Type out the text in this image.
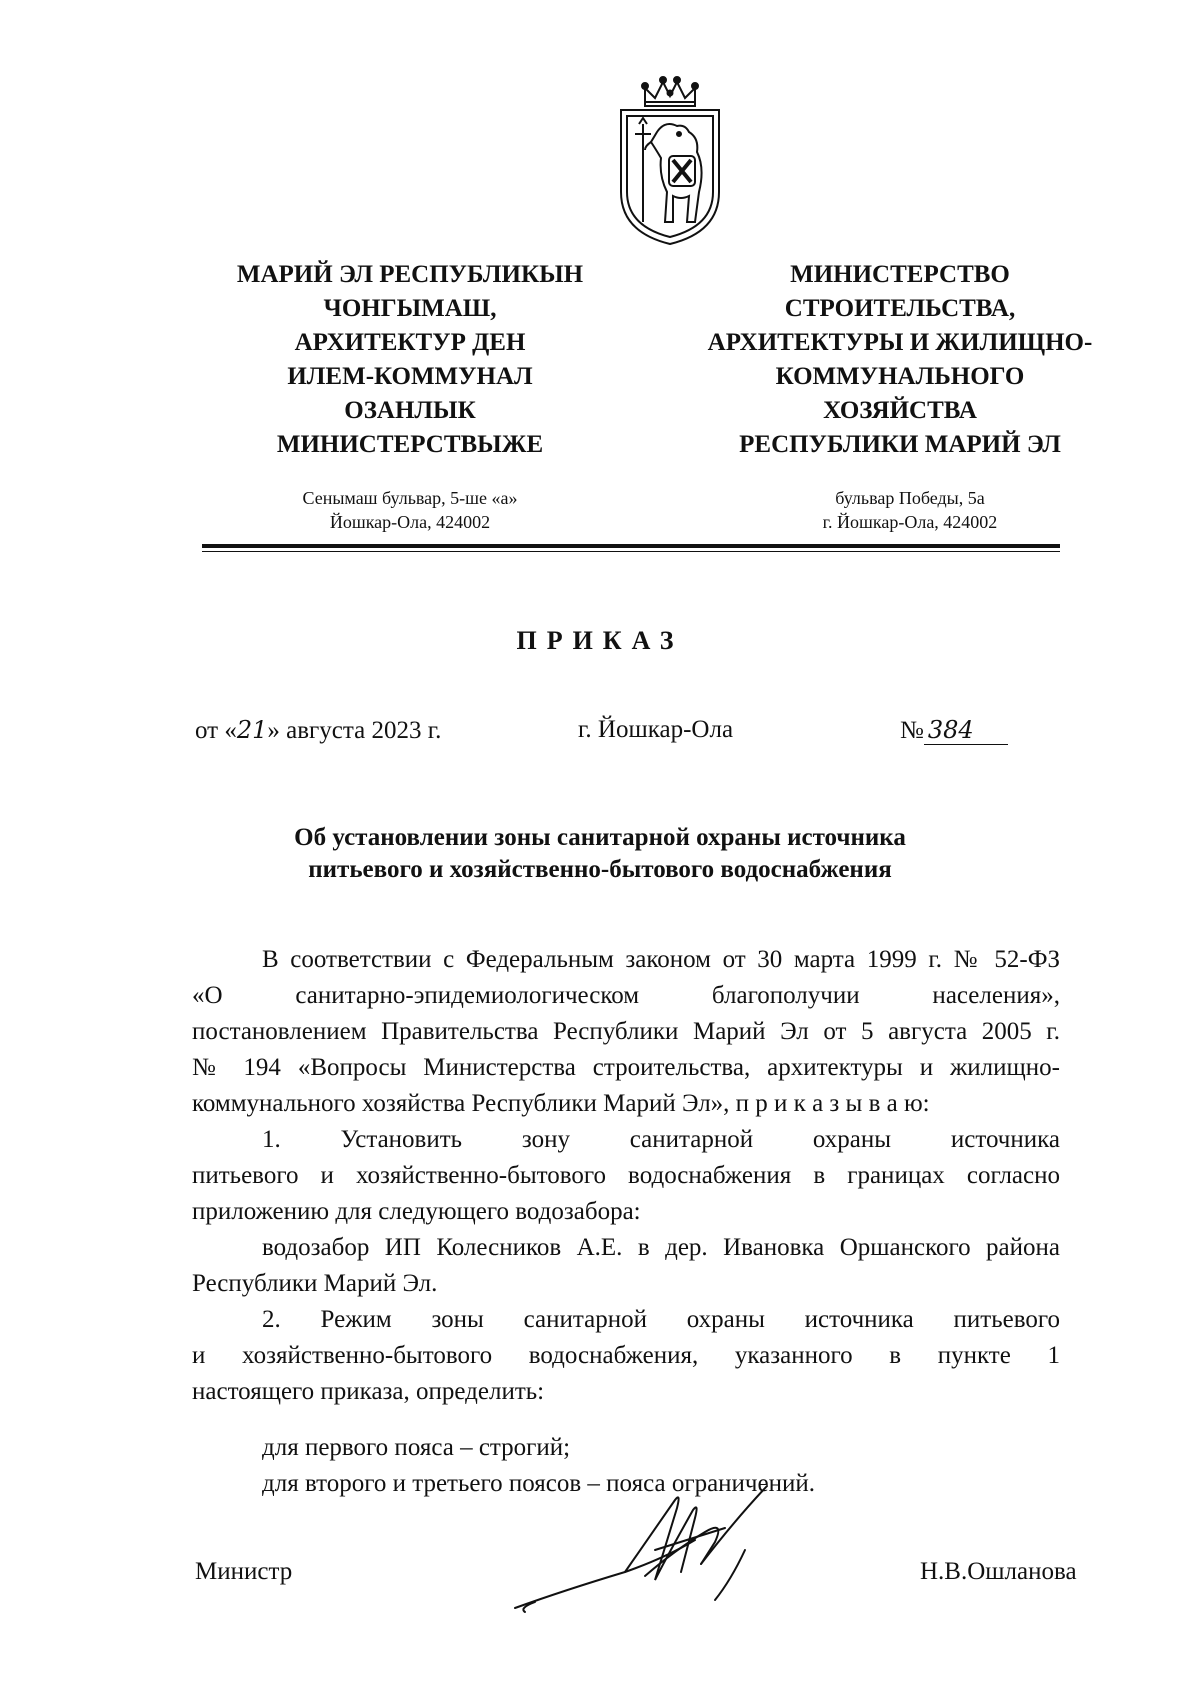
МАРИЙ ЭЛ РЕСПУБЛИКЫН
ЧОНГЫМАШ,
АРХИТЕКТУР ДЕН
ИЛЕМ-КОММУНАЛ
ОЗАНЛЫК
МИНИСТЕРСТВЫЖЕ
МИНИСТЕРСТВО
СТРОИТЕЛЬСТВА,
АРХИТЕКТУРЫ И ЖИЛИЩНО-
КОММУНАЛЬНОГО
ХОЗЯЙСТВА
РЕСПУБЛИКИ МАРИЙ ЭЛ
Сенымаш бульвар, 5-ше «а»
Йошкар-Ола, 424002
бульвар Победы, 5а
г. Йошкар-Ола, 424002
ПРИКАЗ
от «21» августа 2023 г.	г. Йошкар-Ола	№ 384
Об установлении зоны санитарной охраны источника
питьевого и хозяйственно-бытового водоснабжения
В соответствии с Федеральным законом от 30 марта 1999 г. № 52-ФЗ
«О санитарно-эпидемиологическом благополучии населения»,
постановлением Правительства Республики Марий Эл от 5 августа 2005 г.
№ 194 «Вопросы Министерства строительства, архитектуры и жилищно-
коммунального хозяйства Республики Марий Эл», п р и к а з ы в а ю:
1. Установить зону санитарной охраны источника
питьевого и хозяйственно-бытового водоснабжения в границах согласно
приложению для следующего водозабора:
водозабор ИП Колесников А.Е. в дер. Ивановка Оршанского района
Республики Марий Эл.
2. Режим зоны санитарной охраны источника питьевого
и хозяйственно-бытового водоснабжения, указанного в пункте 1
настоящего приказа, определить:
для первого пояса – строгий;
для второго и третьего поясов – пояса ограничений.
Министр	Н.В.Ошланова
